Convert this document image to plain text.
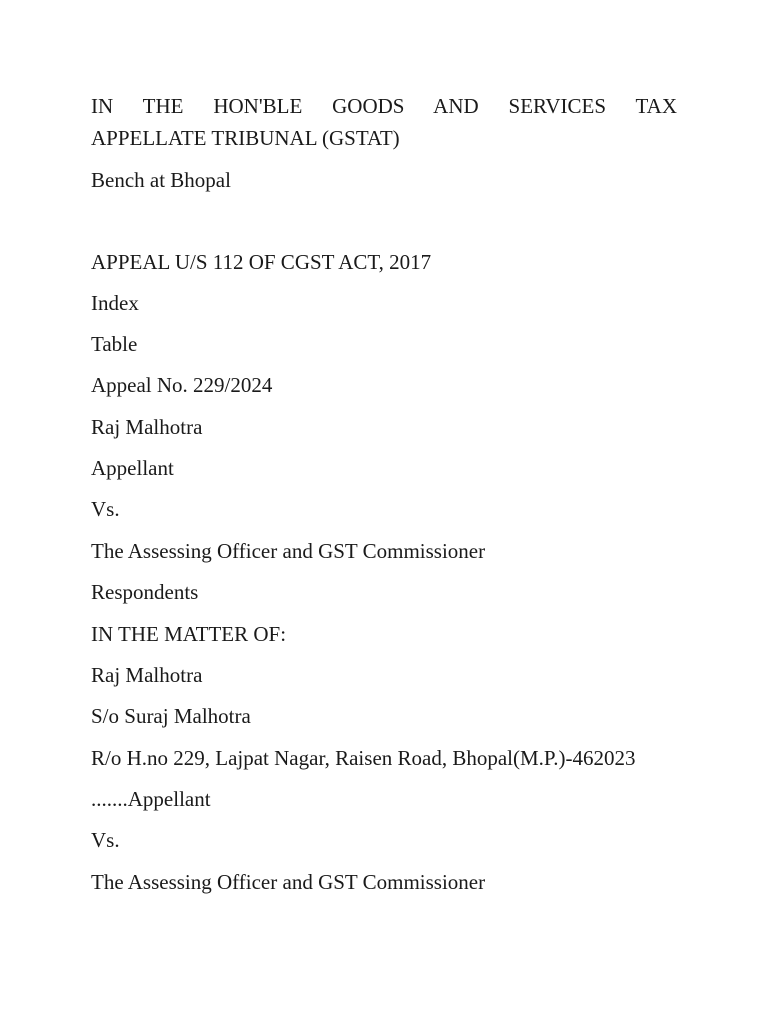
IN THE HON'BLE GOODS AND SERVICES TAX
APPELLATE TRIBUNAL (GSTAT)
Bench at Bhopal
APPEAL U/S 112 OF CGST ACT, 2017
Index
Table
Appeal No. 229/2024
Raj Malhotra
Appellant
Vs.
The Assessing Officer and GST Commissioner
Respondents
IN THE MATTER OF:
Raj Malhotra
S/o Suraj Malhotra
R/o H.no 229, Lajpat Nagar, Raisen Road, Bhopal(M.P.)-462023
.......Appellant
Vs.
The Assessing Officer and GST Commissioner
